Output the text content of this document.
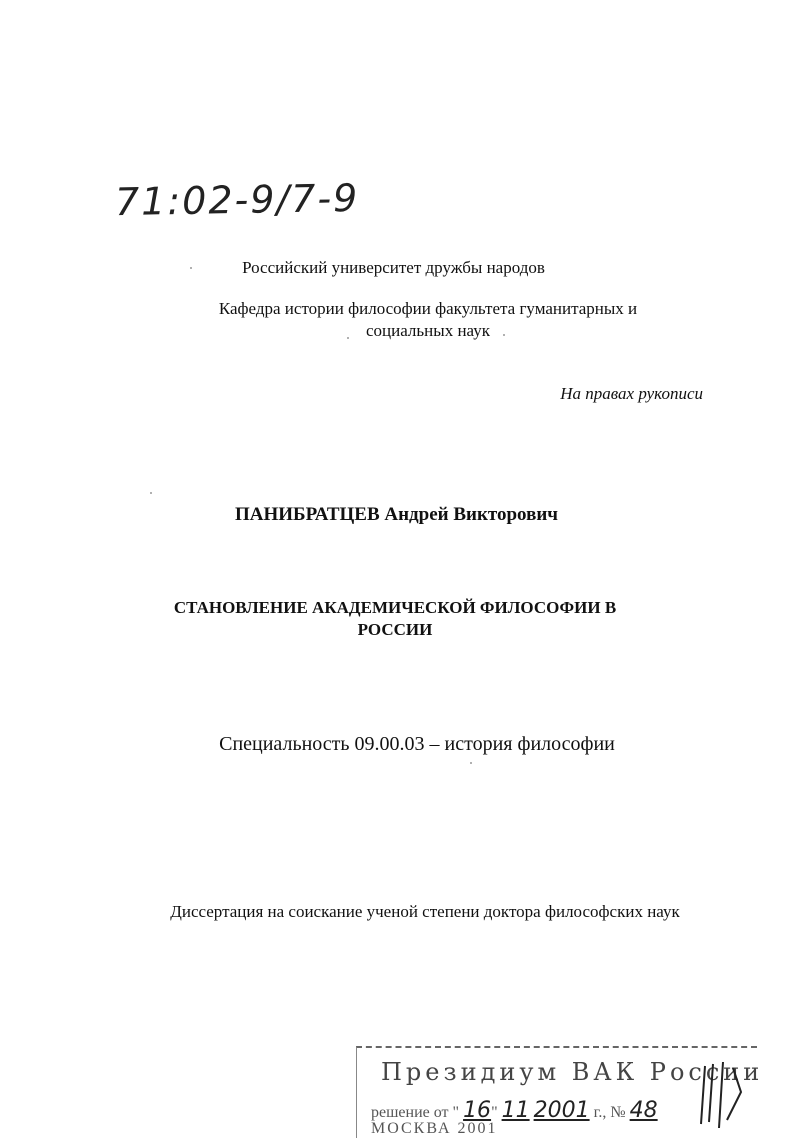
71:02-9/7-9
Российский университет дружбы народов
Кафедра истории философии факультета гуманитарных и социальных наук
На правах рукописи
ПАНИБРАТЦЕВ Андрей Викторович
СТАНОВЛЕНИЕ АКАДЕМИЧЕСКОЙ ФИЛОСОФИИ В РОССИИ
Специальность 09.00.03 – история философии
Диссертация на соискание ученой степени доктора философских наук
Президиум ВАК России
решение от " 16" 11 2001 г., № 48
МОСКВА 2001
